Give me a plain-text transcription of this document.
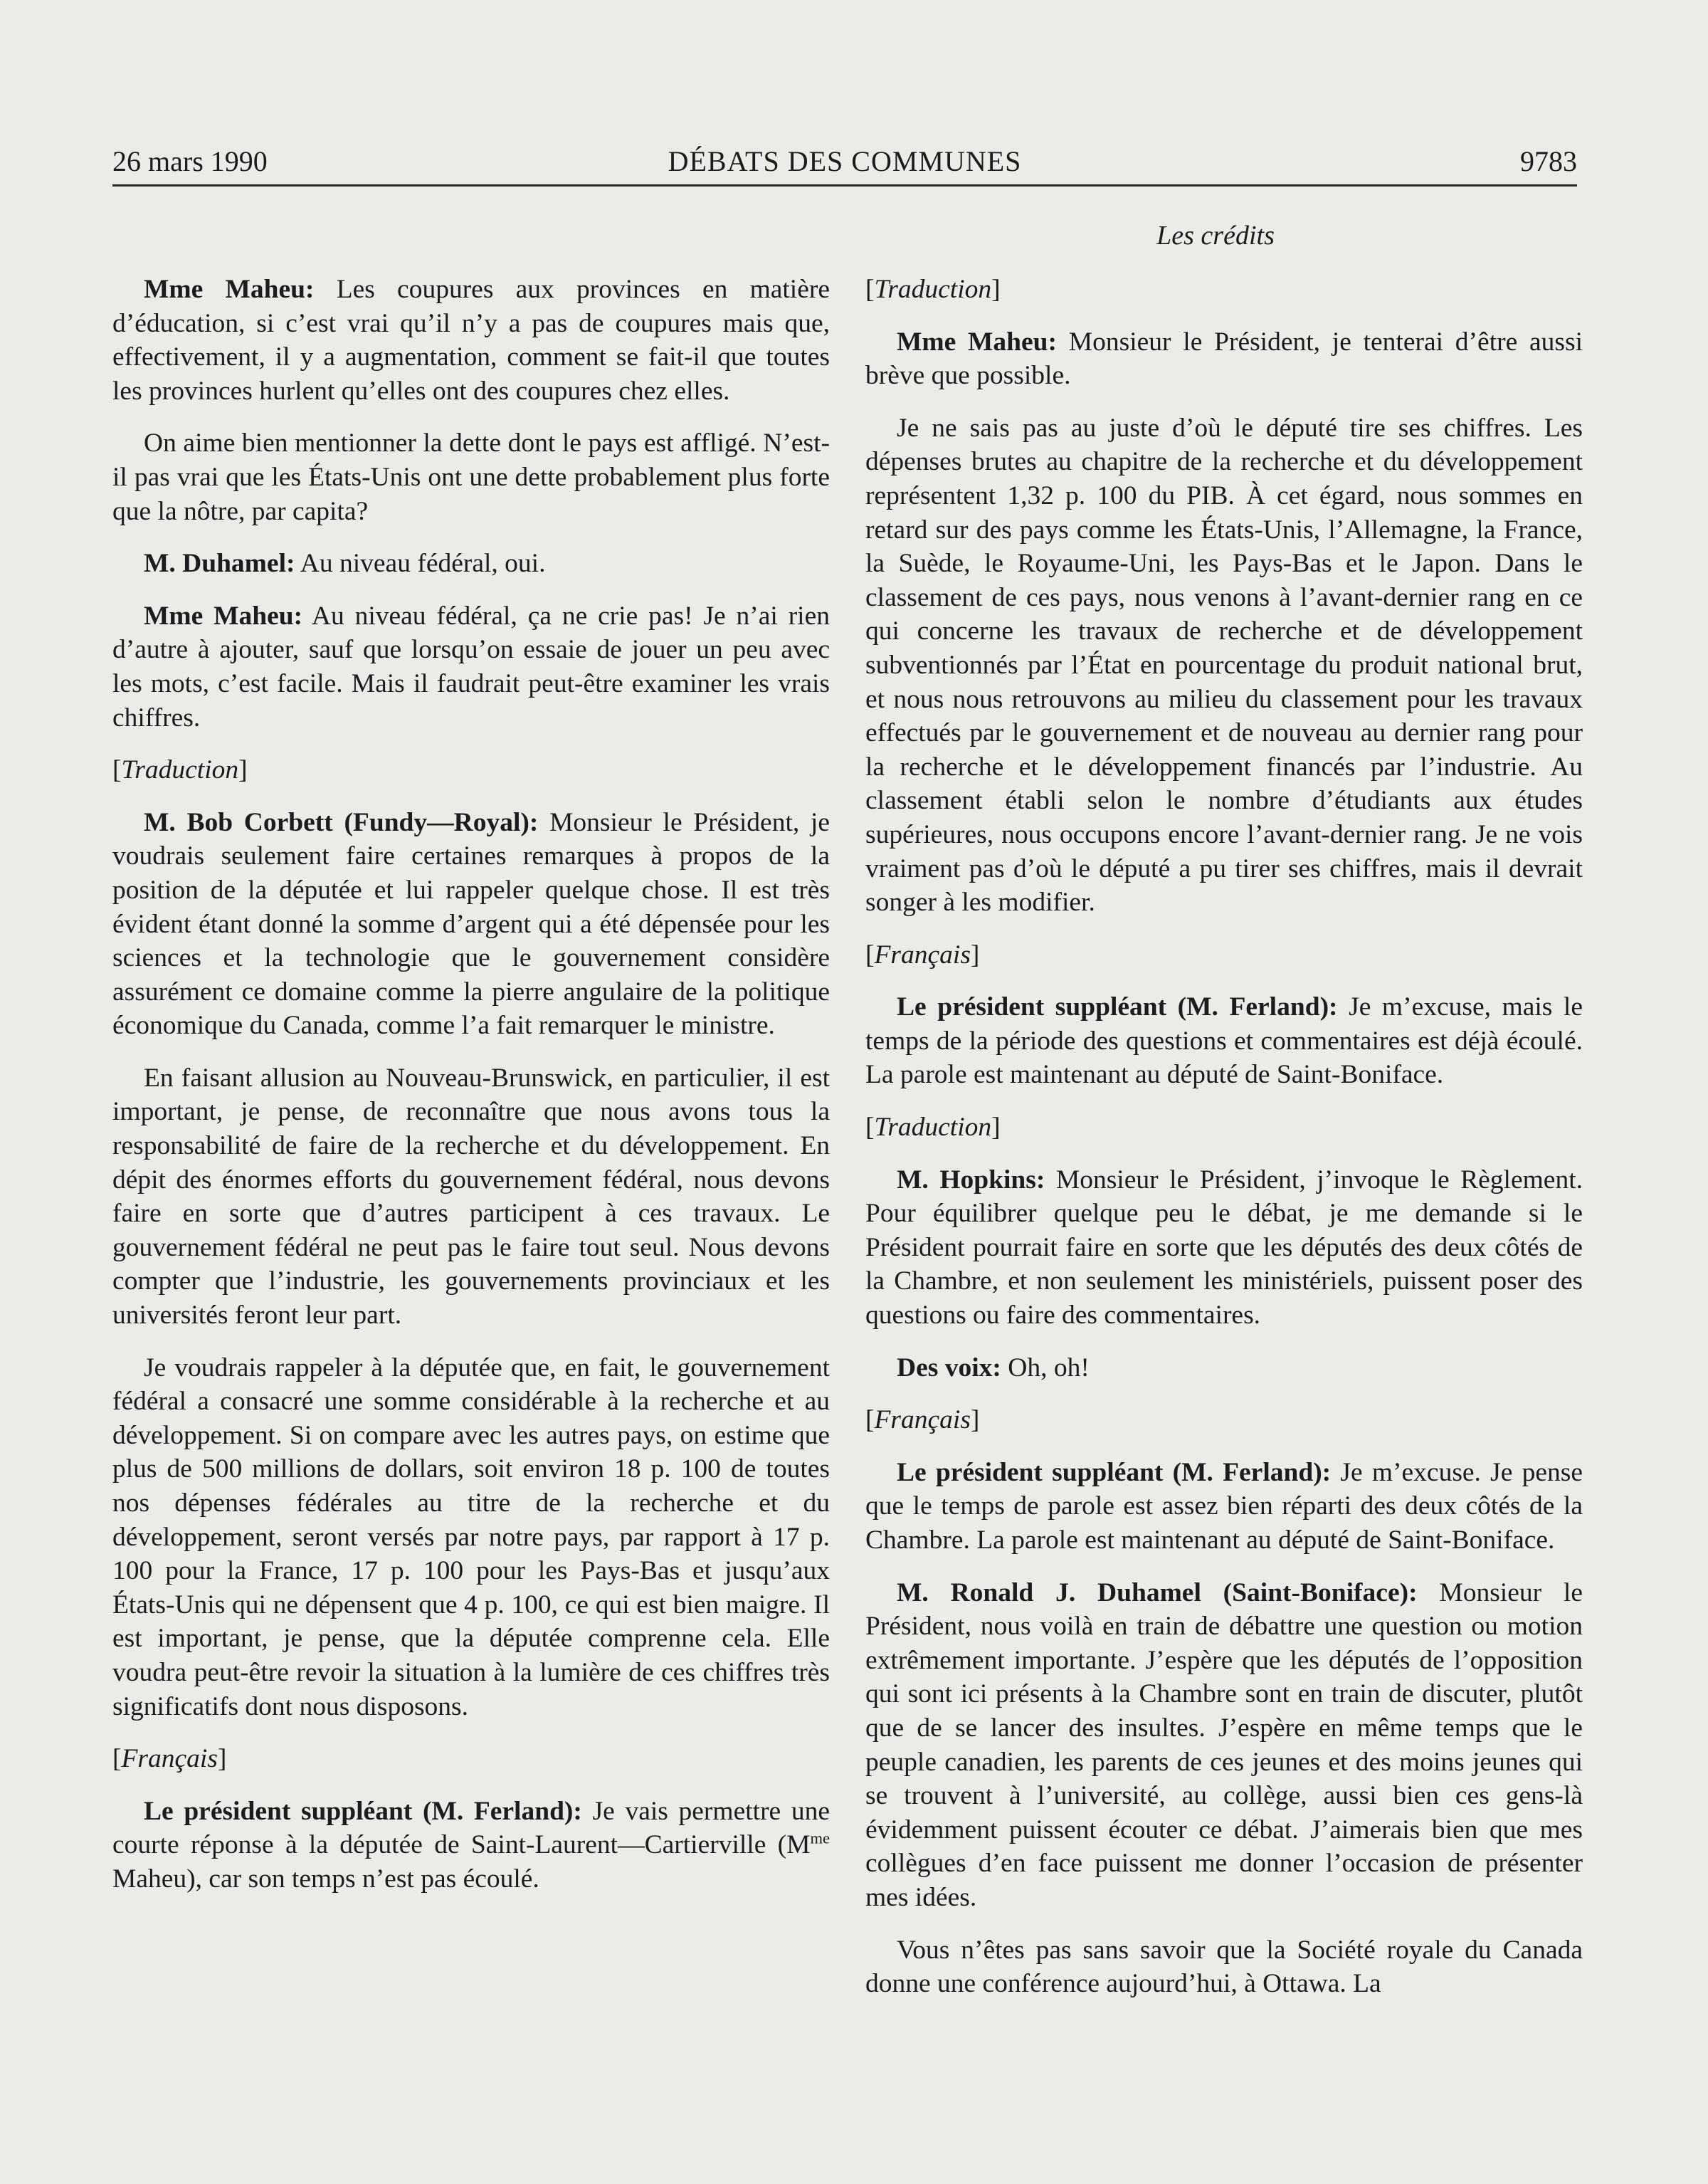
26 mars 1990	DÉBATS DES COMMUNES	9783
Les crédits

Mme Maheu: Les coupures aux provinces en matière d’éducation, si c’est vrai qu’il n’y a pas de coupures mais que, effectivement, il y a augmentation, comment se fait-il que toutes les provinces hurlent qu’elles ont des coupures chez elles.

On aime bien mentionner la dette dont le pays est affligé. N’est-il pas vrai que les États-Unis ont une dette probablement plus forte que la nôtre, par capita?

M. Duhamel: Au niveau fédéral, oui.

Mme Maheu: Au niveau fédéral, ça ne crie pas! Je n’ai rien d’autre à ajouter, sauf que lorsqu’on essaie de jouer un peu avec les mots, c’est facile. Mais il faudrait peut-être examiner les vrais chiffres.

[Traduction]

M. Bob Corbett (Fundy—Royal): Monsieur le Président, je voudrais seulement faire certaines remarques à propos de la position de la députée et lui rappeler quelque chose. Il est très évident étant donné la somme d’argent qui a été dépensée pour les sciences et la technologie que le gouvernement considère assurément ce domaine comme la pierre angulaire de la politique économique du Canada, comme l’a fait remarquer le ministre.

En faisant allusion au Nouveau-Brunswick, en particulier, il est important, je pense, de reconnaître que nous avons tous la responsabilité de faire de la recherche et du développement. En dépit des énormes efforts du gouvernement fédéral, nous devons faire en sorte que d’autres participent à ces travaux. Le gouvernement fédéral ne peut pas le faire tout seul. Nous devons compter que l’industrie, les gouvernements provinciaux et les universités feront leur part.

Je voudrais rappeler à la députée que, en fait, le gouvernement fédéral a consacré une somme considérable à la recherche et au développement. Si on compare avec les autres pays, on estime que plus de 500 millions de dollars, soit environ 18 p. 100 de toutes nos dépenses fédérales au titre de la recherche et du développement, seront versés par notre pays, par rapport à 17 p. 100 pour la France, 17 p. 100 pour les Pays-Bas et jusqu’aux États-Unis qui ne dépensent que 4 p. 100, ce qui est bien maigre. Il est important, je pense, que la députée comprenne cela. Elle voudra peut-être revoir la situation à la lumière de ces chiffres très significatifs dont nous disposons.

[Français]

Le président suppléant (M. Ferland): Je vais permettre une courte réponse à la députée de Saint-Laurent—Cartierville ($M^{me}$ Maheu), car son temps n’est pas écoulé.

[Traduction]

Mme Maheu: Monsieur le Président, je tenterai d’être aussi brève que possible.

Je ne sais pas au juste d’où le député tire ses chiffres. Les dépenses brutes au chapitre de la recherche et du développement représentent 1,32 p. 100 du PIB. À cet égard, nous sommes en retard sur des pays comme les États-Unis, l’Allemagne, la France, la Suède, le Royaume-Uni, les Pays-Bas et le Japon. Dans le classement de ces pays, nous venons à l’avant-dernier rang en ce qui concerne les travaux de recherche et de développement subventionnés par l’État en pourcentage du produit national brut, et nous nous retrouvons au milieu du classement pour les travaux effectués par le gouvernement et de nouveau au dernier rang pour la recherche et le développement financés par l’industrie. Au classement établi selon le nombre d’étudiants aux études supérieures, nous occupons encore l’avant-dernier rang. Je ne vois vraiment pas d’où le député a pu tirer ses chiffres, mais il devrait songer à les modifier.

[Français]

Le président suppléant (M. Ferland): Je m’excuse, mais le temps de la période des questions et commentaires est déjà écoulé. La parole est maintenant au député de Saint-Boniface.

[Traduction]

M. Hopkins: Monsieur le Président, j’invoque le Règlement. Pour équilibrer quelque peu le débat, je me demande si le Président pourrait faire en sorte que les députés des deux côtés de la Chambre, et non seulement les ministériels, puissent poser des questions ou faire des commentaires.

Des voix: Oh, oh!

[Français]

Le président suppléant (M. Ferland): Je m’excuse. Je pense que le temps de parole est assez bien réparti des deux côtés de la Chambre. La parole est maintenant au député de Saint-Boniface.

M. Ronald J. Duhamel (Saint-Boniface): Monsieur le Président, nous voilà en train de débattre une question ou motion extrêmement importante. J’espère que les députés de l’opposition qui sont ici présents à la Chambre sont en train de discuter, plutôt que de se lancer des insultes. J’espère en même temps que le peuple canadien, les parents de ces jeunes et des moins jeunes qui se trouvent à l’université, au collège, aussi bien ces gens-là évidemment puissent écouter ce débat. J’aimerais bien que mes collègues d’en face puissent me donner l’occasion de présenter mes idées.

Vous n’êtes pas sans savoir que la Société royale du Canada donne une conférence aujourd’hui, à Ottawa. La
